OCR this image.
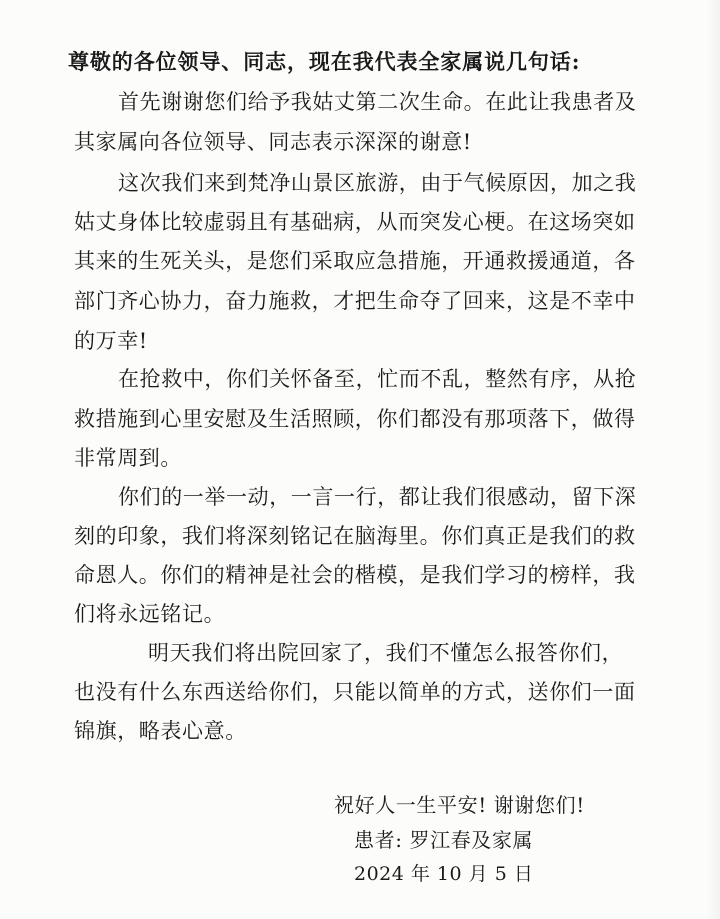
尊敬的各位领导、同志，现在我代表全家属说几句话:
首先谢谢您们给予我姑丈第二次生命。在此让我患者及
其家属向各位领导、同志表示深深的谢意!
这次我们来到梵净山景区旅游，由于气候原因，加之我
姑丈身体比较虚弱且有基础病，从而突发心梗。在这场突如
其来的生死关头，是您们采取应急措施，开通救援通道，各
部门齐心协力，奋力施救，才把生命夺了回来，这是不幸中
的万幸!
在抢救中，你们关怀备至，忙而不乱，整然有序，从抢
救措施到心里安慰及生活照顾，你们都没有那项落下，做得
非常周到。
你们的一举一动，一言一行，都让我们很感动，留下深
刻的印象，我们将深刻铭记在脑海里。你们真正是我们的救
命恩人。你们的精神是社会的楷模，是我们学习的榜样，我
们将永远铭记。
明天我们将出院回家了，我们不懂怎么报答你们，
也没有什么东西送给你们，只能以简单的方式，送你们一面
锦旗，略表心意。
祝好人一生平安! 谢谢您们!
患者: 罗江春及家属
2024 年 10 月 5 日
